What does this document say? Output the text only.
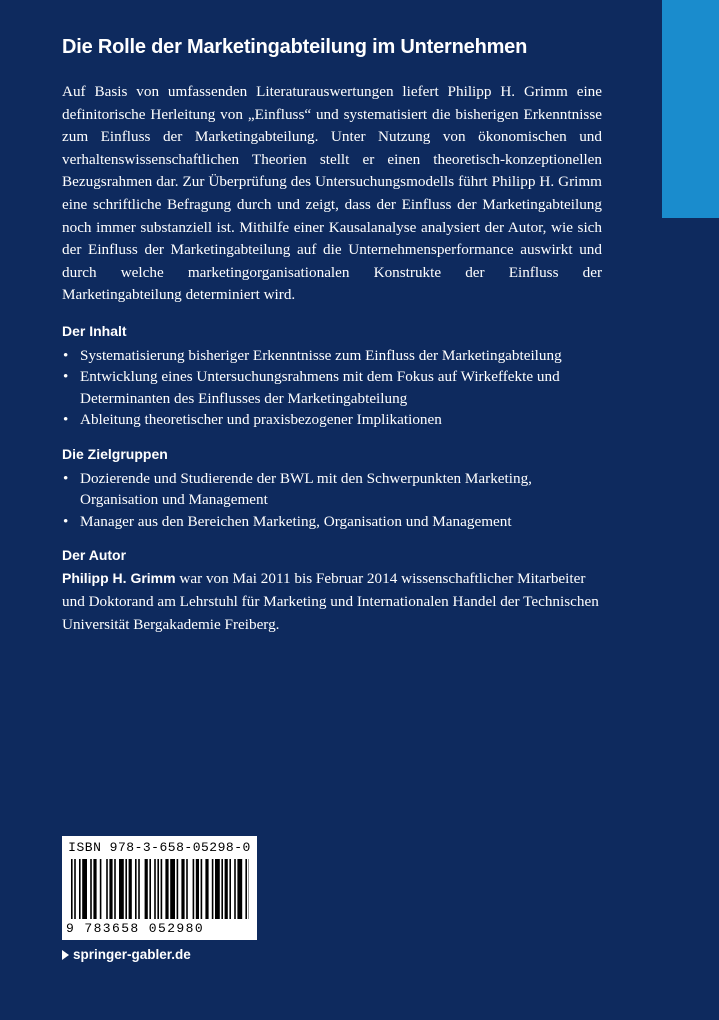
Die Rolle der Marketingabteilung im Unternehmen

Auf Basis von umfassenden Literaturauswertungen liefert Philipp H. Grimm eine definitorische Herleitung von „Einfluss“ und systematisiert die bisherigen Erkenntnisse zum Einfluss der Marketingabteilung. Unter Nutzung von ökonomischen und verhaltenswissenschaftlichen Theorien stellt er einen theoretisch-konzeptionellen Bezugsrahmen dar. Zur Überprüfung des Untersuchungsmodells führt Philipp H. Grimm eine schriftliche Befragung durch und zeigt, dass der Einfluss der Marketingabteilung noch immer substanziell ist. Mithilfe einer Kausalanalyse analysiert der Autor, wie sich der Einfluss der Marketingabteilung auf die Unternehmensperformance auswirkt und durch welche marketingorganisationalen Konstrukte der Einfluss der Marketingabteilung determiniert wird.

Der Inhalt
• Systematisierung bisheriger Erkenntnisse zum Einfluss der Marketingabteilung
• Entwicklung eines Untersuchungsrahmens mit dem Fokus auf Wirkeffekte und Determinanten des Einflusses der Marketingabteilung
• Ableitung theoretischer und praxisbezogener Implikationen
Die Zielgruppen
• Dozierende und Studierende der BWL mit den Schwerpunkten Marketing, Organisation und Management
• Manager aus den Bereichen Marketing, Organisation und Management
Der Autor

Philipp H. Grimm war von Mai 2011 bis Februar 2014 wissenschaftlicher Mitarbeiter und Doktorand am Lehrstuhl für Marketing und Internationalen Handel der Technischen Universität Bergakademie Freiberg.

ISBN 978-3-658-05298-0
9 783658 052980
springer-gabler.de
